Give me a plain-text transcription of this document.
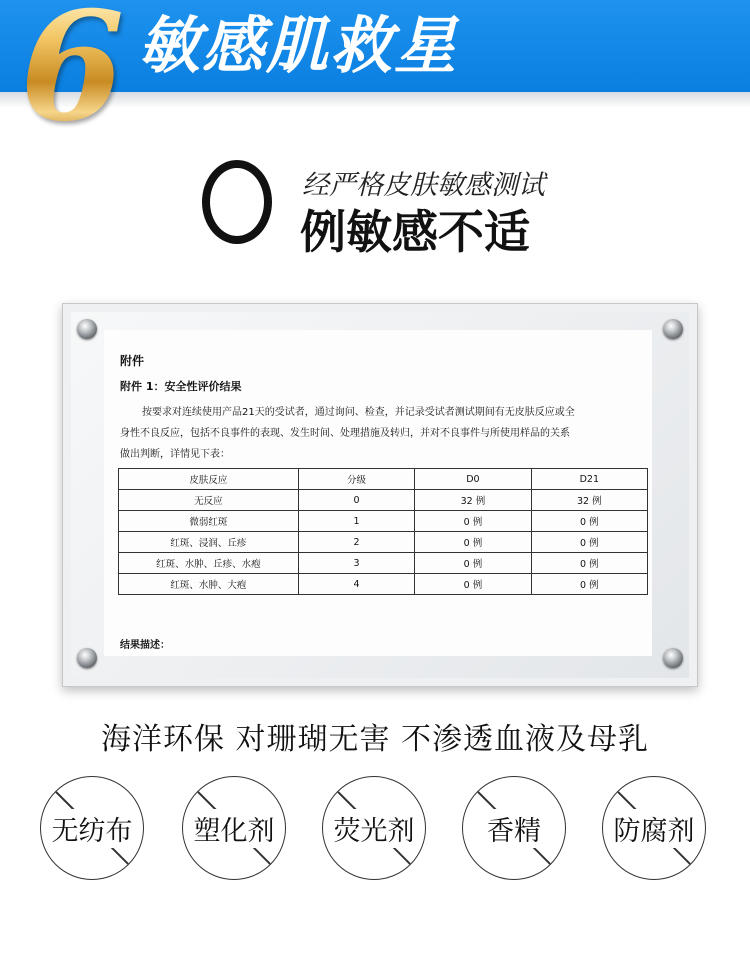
6 敏感肌救星
经严格皮肤敏感测试
例敏感不适
附件
附件 1：安全性评价结果
按要求对连续使用产品21天的受试者，通过询问、检查，并记录受试者测试期间有无皮肤反应或全
身性不良反应，包括不良事件的表现、发生时间、处理措施及转归，并对不良事件与所使用样品的关系
做出判断，详情见下表：
皮肤反应	分级	D0	D21
无反应	0	32 例	32 例
微弱红斑	1	0 例	0 例
红斑、浸润、丘疹	2	0 例	0 例
红斑、水肿、丘疹、水疱	3	0 例	0 例
红斑、水肿、大疱	4	0 例	0 例
结果描述：
海洋环保 对珊瑚无害 不渗透血液及母乳
无纺布 塑化剂 荧光剂	香精	防腐剂
